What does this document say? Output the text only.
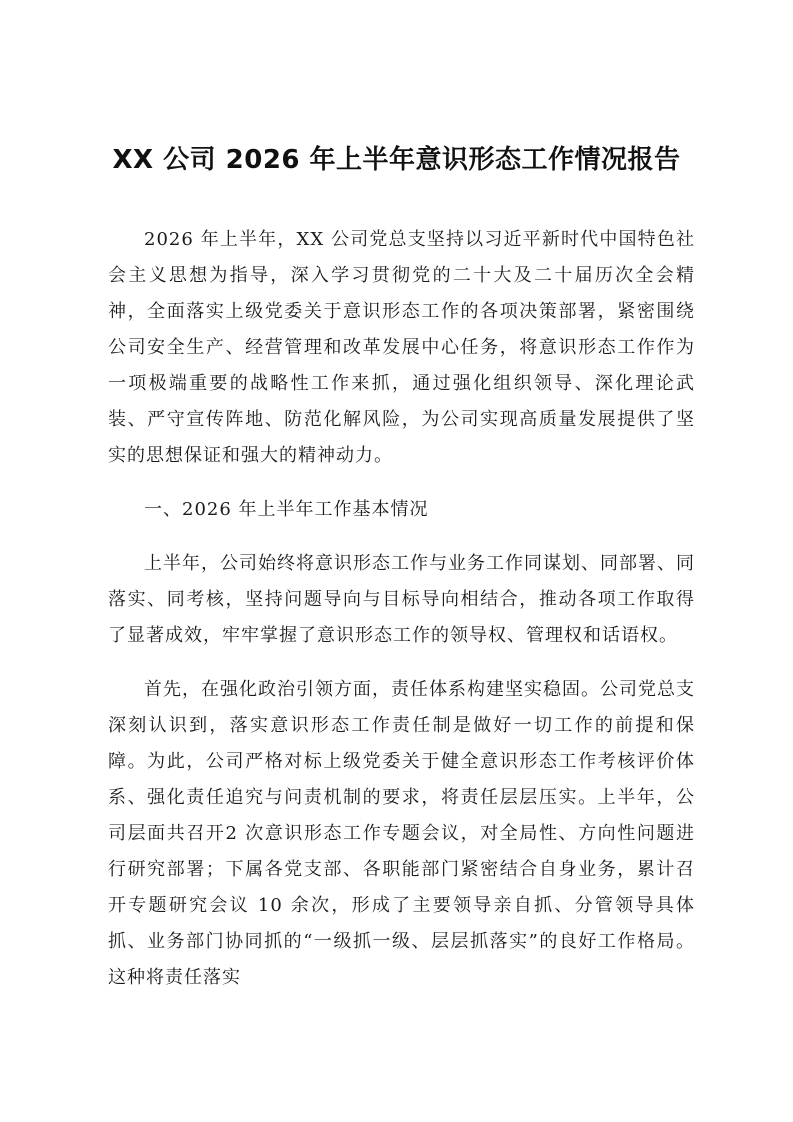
XX 公司 2026 年上半年意识形态工作情况报告

2026 年上半年，XX 公司党总支坚持以习近平新时代中国特色社会主义思想为指导，深入学习贯彻党的二十大及二十届历次全会精神，全面落实上级党委关于意识形态工作的各项决策部署，紧密围绕公司安全生产、经营管理和改革发展中心任务，将意识形态工作作为一项极端重要的战略性工作来抓，通过强化组织领导、深化理论武装、严守宣传阵地、防范化解风险，为公司实现高质量发展提供了坚实的思想保证和强大的精神动力。

一、2026 年上半年工作基本情况

上半年，公司始终将意识形态工作与业务工作同谋划、同部署、同落实、同考核，坚持问题导向与目标导向相结合，推动各项工作取得了显著成效，牢牢掌握了意识形态工作的领导权、管理权和话语权。

首先，在强化政治引领方面，责任体系构建坚实稳固。公司党总支深刻认识到，落实意识形态工作责任制是做好一切工作的前提和保障。为此，公司严格对标上级党委关于健全意识形态工作考核评价体系、强化责任追究与问责机制的要求，将责任层层压实。上半年，公司层面共召开2 次意识形态工作专题会议，对全局性、方向性问题进行研究部署；下属各党支部、各职能部门紧密结合自身业务，累计召开专题研究会议 10 余次，形成了主要领导亲自抓、分管领导具体抓、业务部门协同抓的“一级抓一级、层层抓落实”的良好工作格局。这种将责任落实
